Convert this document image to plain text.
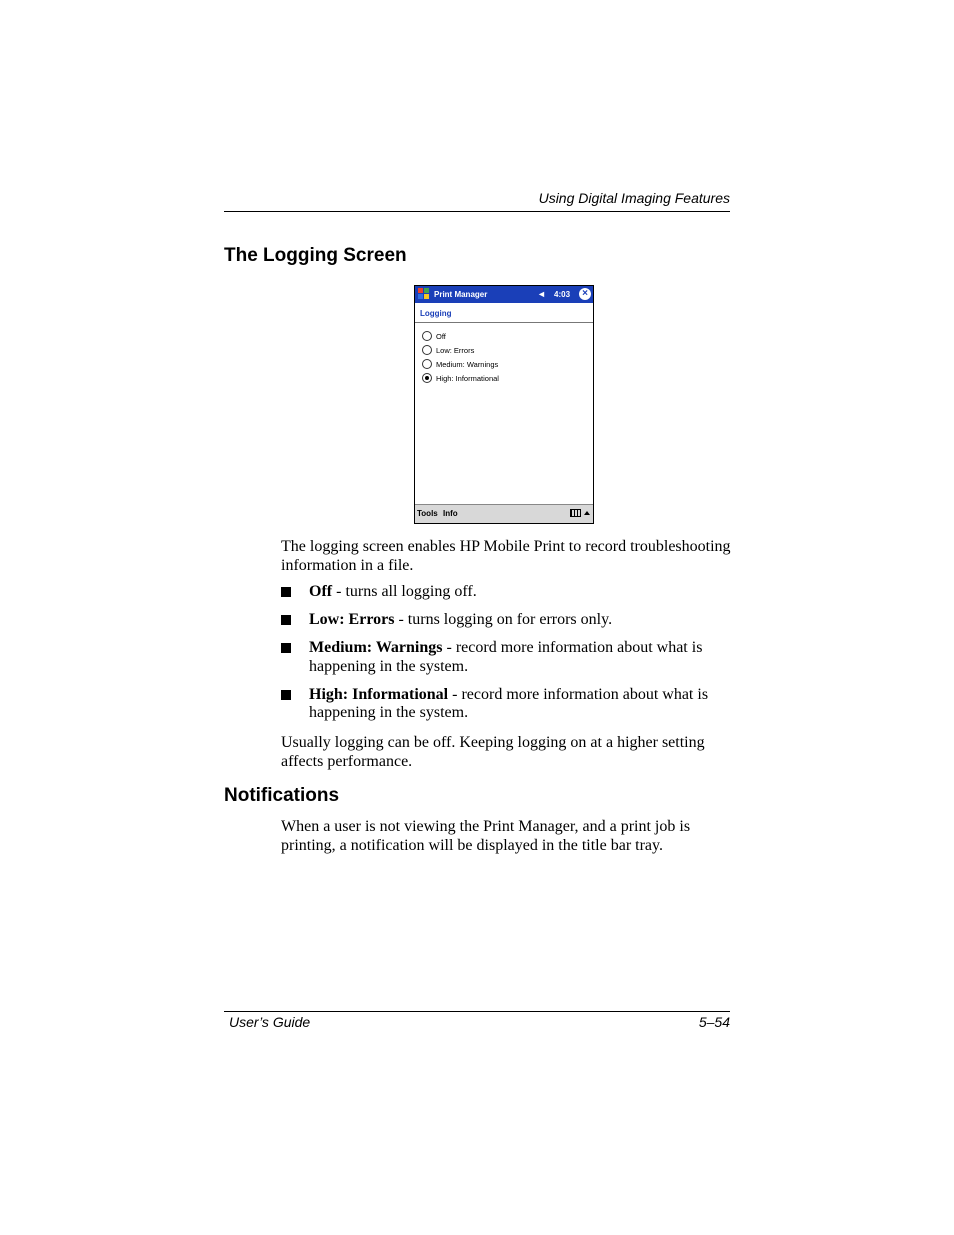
Using Digital Imaging Features
The Logging Screen
Print Manager	◄ 4:03	×
Logging
Off
Low: Errors
Medium: Warnings
High: Informational
Tools Info

The logging screen enables HP Mobile Print to record troubleshooting information in a file.

Off - turns all logging off.
Low: Errors - turns logging on for errors only.
Medium: Warnings - record more information about what is happening in the system.
High: Informational - record more information about what is happening in the system.

Usually logging can be off. Keeping logging on at a higher setting affects performance.

Notifications

When a user is not viewing the Print Manager, and a print job is printing, a notification will be displayed in the title bar tray.

User’s Guide	5–54
